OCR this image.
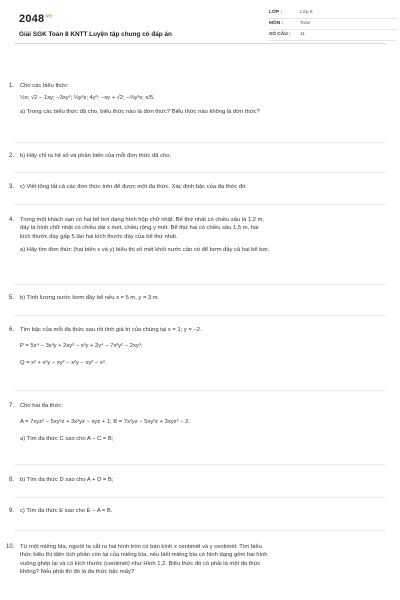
$2048^{.vn}$
Giải SGK Toán 8 KNTT Luyện tập chung có đáp án
LỚP :	Lớp 8
MÔN :	Toán
SỐ CÂU :	11
1. Cho các biểu thức:
½x; √2 − 1xy; −3xy²; ⅓y²x; 4y³; −xy + √2; −⅔y³x; x/5.
a) Trong các biểu thức đã cho, biểu thức nào là đơn thức? Biểu thức nào không là đơn thức?
2. b) Hãy chỉ ra hệ số và phần biến của mỗi đơn thức đã cho.
3. c) Viết tổng tất cả các đơn thức trên để được một đa thức. Xác định bậc của đa thức đó.
4. Trong một khách sạn có hai bể bơi dạng hình hộp chữ nhật. Bể thứ nhất có chiều sâu là 1,2 m,
đáy là hình chữ nhật có chiều dài x mét, chiều rộng y mét. Bể thứ hai có chiều sâu 1,5 m, hai
kích thước đáy gấp 5 lần hai kích thước đáy của bể thứ nhất.
a) Hãy tìm đơn thức (hai biến x và y) biểu thị số mét khối nước cần có để bơm đầy cả hai bể bơi.
5. b) Tính lượng nước bơm đầy bể nếu x = 5 m, y = 3 m.
6. Tìm bậc của mỗi đa thức sau rồi tính giá trị của chúng tại x = 1; y = −2.
P = 5x⁴ − 3x³y + 2xy³ − x³y + 2y⁴ − 7x²y² − 2xy³;
Q = x³ + x²y − xy² − x²y − xy² − x³.
7. Cho hai đa thức:
A = 7xyz² − 5xy²z + 3x²yz − xyz + 1; B = 7x²yz − 5xy²z + 3xyz² − 2.
a) Tìm đa thức C sao cho A − C = B;
8. b) Tìm đa thức D sao cho A + D = B;
9. c) Tìm đa thức E sao cho E − A = B.
10. Từ một miếng bìa, người ta cắt ra hai hình tròn có bán kính x centimét và y centimét. Tìm biểu
thức biểu thị diện tích phần còn lại của miếng bìa, nếu biết miếng bìa có hình dạng gồm hai hình
vuông ghép lại và có kích thước (centimét) như Hình 1.2. Biểu thức đó có phải là một đa thức
không? Nếu phải thì đó là đa thức bậc mấy?
